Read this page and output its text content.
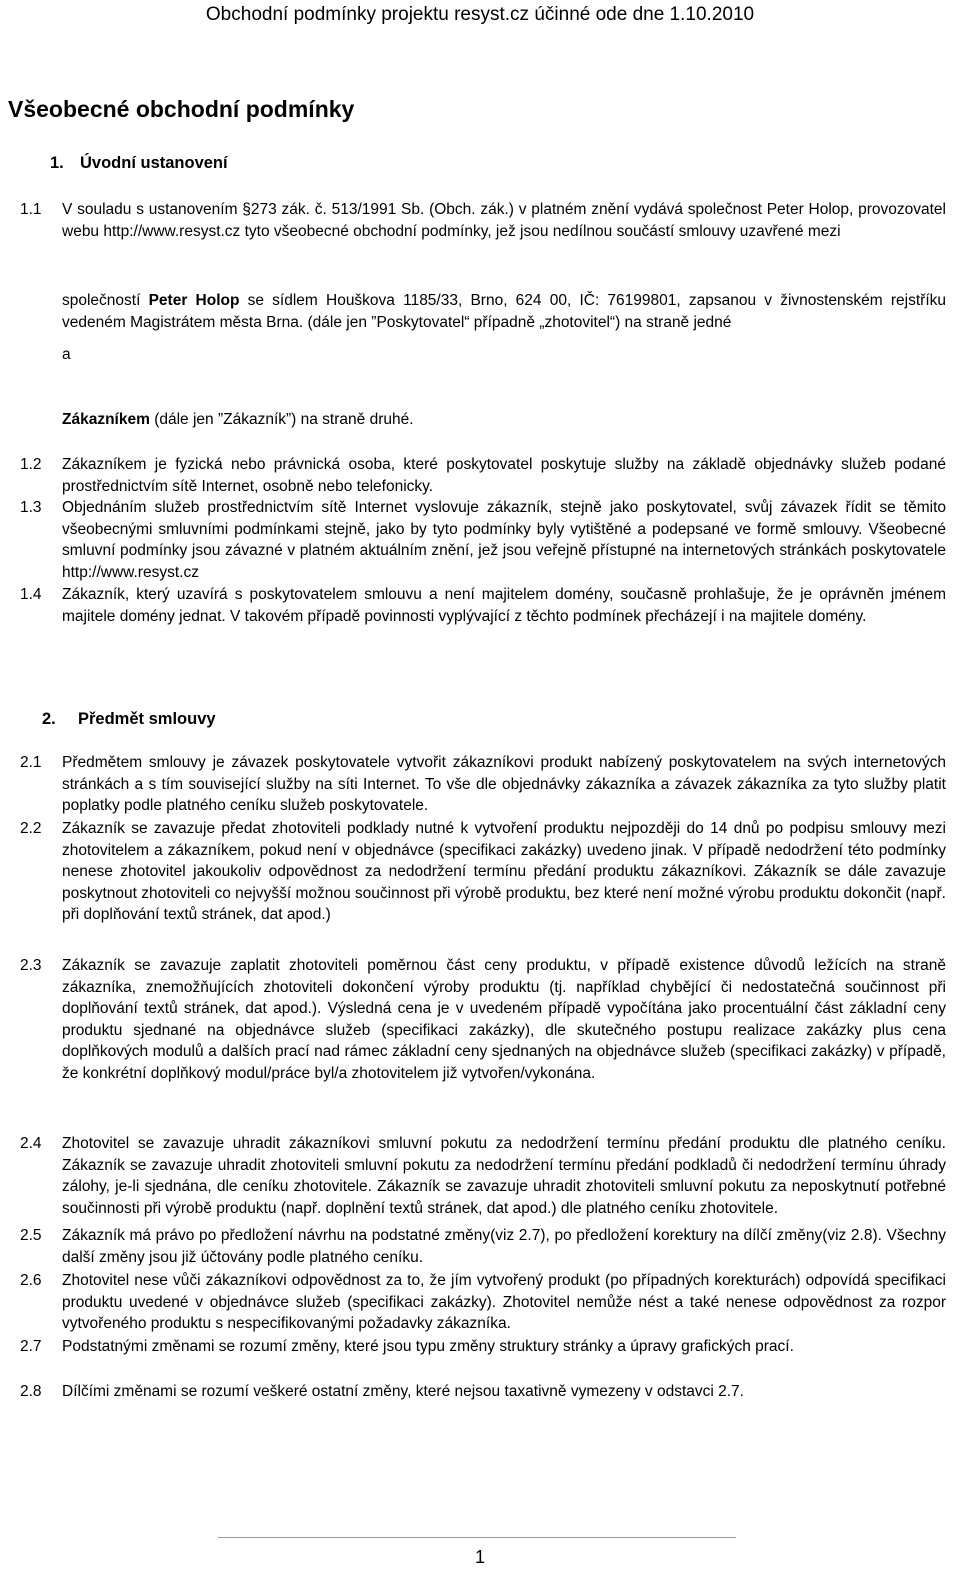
Obchodní podmínky projektu resyst.cz účinné ode dne 1.10.2010
Všeobecné obchodní podmínky
1. Úvodní ustanovení
1.1	V souladu s ustanovením §273 zák. č. 513/1991 Sb. (Obch. zák.) v platném znění vydává společnost Peter Holop, provozovatel webu http://www.resyst.cz tyto všeobecné obchodní podmínky, jež jsou nedílnou součástí smlouvy uzavřené mezi
společností Peter Holop se sídlem Houškova 1185/33, Brno, 624 00, IČ: 76199801, zapsanou v živnostenském rejstříku vedeném Magistrátem města Brna. (dále jen ”Poskytovatel“ případně „zhotovitel“) na straně jedné
a
Zákazníkem (dále jen ”Zákazník”) na straně druhé.
1.2	Zákazníkem je fyzická nebo právnická osoba, které poskytovatel poskytuje služby na základě objednávky služeb podané prostřednictvím sítě Internet, osobně nebo telefonicky.
1.3	Objednáním služeb prostřednictvím sítě Internet vyslovuje zákazník, stejně jako poskytovatel, svůj závazek řídit se těmito všeobecnými smluvními podmínkami stejně, jako by tyto podmínky byly vytištěné a podepsané ve formě smlouvy. Všeobecné smluvní podmínky jsou závazné v platném aktuálním znění, jež jsou veřejně přístupné na internetových stránkách poskytovatele http://www.resyst.cz
1.4	Zákazník, který uzavírá s poskytovatelem smlouvu a není majitelem domény, současně prohlašuje, že je oprávněn jménem majitele domény jednat. V takovém případě povinnosti vyplývající z těchto podmínek přecházejí i na majitele domény.
2. Předmět smlouvy
2.1	Předmětem smlouvy je závazek poskytovatele vytvořit zákazníkovi produkt nabízený poskytovatelem na svých internetových stránkách a s tím související služby na síti Internet. To vše dle objednávky zákazníka a závazek zákazníka za tyto služby platit poplatky podle platného ceníku služeb poskytovatele.
2.2	Zákazník se zavazuje předat zhotoviteli podklady nutné k vytvoření produktu nejpozději do 14 dnů po podpisu smlouvy mezi zhotovitelem a zákazníkem, pokud není v objednávce (specifikaci zakázky) uvedeno jinak. V případě nedodržení této podmínky nenese zhotovitel jakoukoliv odpovědnost za nedodržení termínu předání produktu zákazníkovi. Zákazník se dále zavazuje poskytnout zhotoviteli co nejvyšší možnou součinnost při výrobě produktu, bez které není možné výrobu produktu dokončit (např. při doplňování textů stránek, dat apod.)
2.3	Zákazník se zavazuje zaplatit zhotoviteli poměrnou část ceny produktu, v případě existence důvodů ležících na straně zákazníka, znemožňujících zhotoviteli dokončení výroby produktu (tj. například chybějící či nedostatečná součinnost při doplňování textů stránek, dat apod.). Výsledná cena je v uvedeném případě vypočítána jako procentuální část základní ceny produktu sjednané na objednávce služeb (specifikaci zakázky), dle skutečného postupu realizace zakázky plus cena doplňkových modulů a dalších prací nad rámec základní ceny sjednaných na objednávce služeb (specifikaci zakázky) v případě, že konkrétní doplňkový modul/práce byl/a zhotovitelem již vytvořen/vykonána.
2.4	Zhotovitel se zavazuje uhradit zákazníkovi smluvní pokutu za nedodržení termínu předání produktu dle platného ceníku. Zákazník se zavazuje uhradit zhotoviteli smluvní pokutu za nedodržení termínu předání podkladů či nedodržení termínu úhrady zálohy, je-li sjednána, dle ceníku zhotovitele. Zákazník se zavazuje uhradit zhotoviteli smluvní pokutu za neposkytnutí potřebné součinnosti při výrobě produktu (např. doplnění textů stránek, dat apod.) dle platného ceníku zhotovitele.
2.5	Zákazník má právo po předložení návrhu na podstatné změny(viz 2.7), po předložení korektury na dílčí změny(viz 2.8). Všechny další změny jsou již účtovány podle platného ceníku.
2.6	Zhotovitel nese vůči zákazníkovi odpovědnost za to, že jím vytvořený produkt (po případných korekturách) odpovídá specifikaci produktu uvedené v objednávce služeb (specifikaci zakázky). Zhotovitel nemůže nést a také nenese odpovědnost za rozpor vytvořeného produktu s nespecifikovanými požadavky zákazníka.
2.7	Podstatnými změnami se rozumí změny, které jsou typu změny struktury stránky a úpravy grafických prací.
2.8	Dílčími změnami se rozumí veškeré ostatní změny, které nejsou taxativně vymezeny v odstavci 2.7.
1
